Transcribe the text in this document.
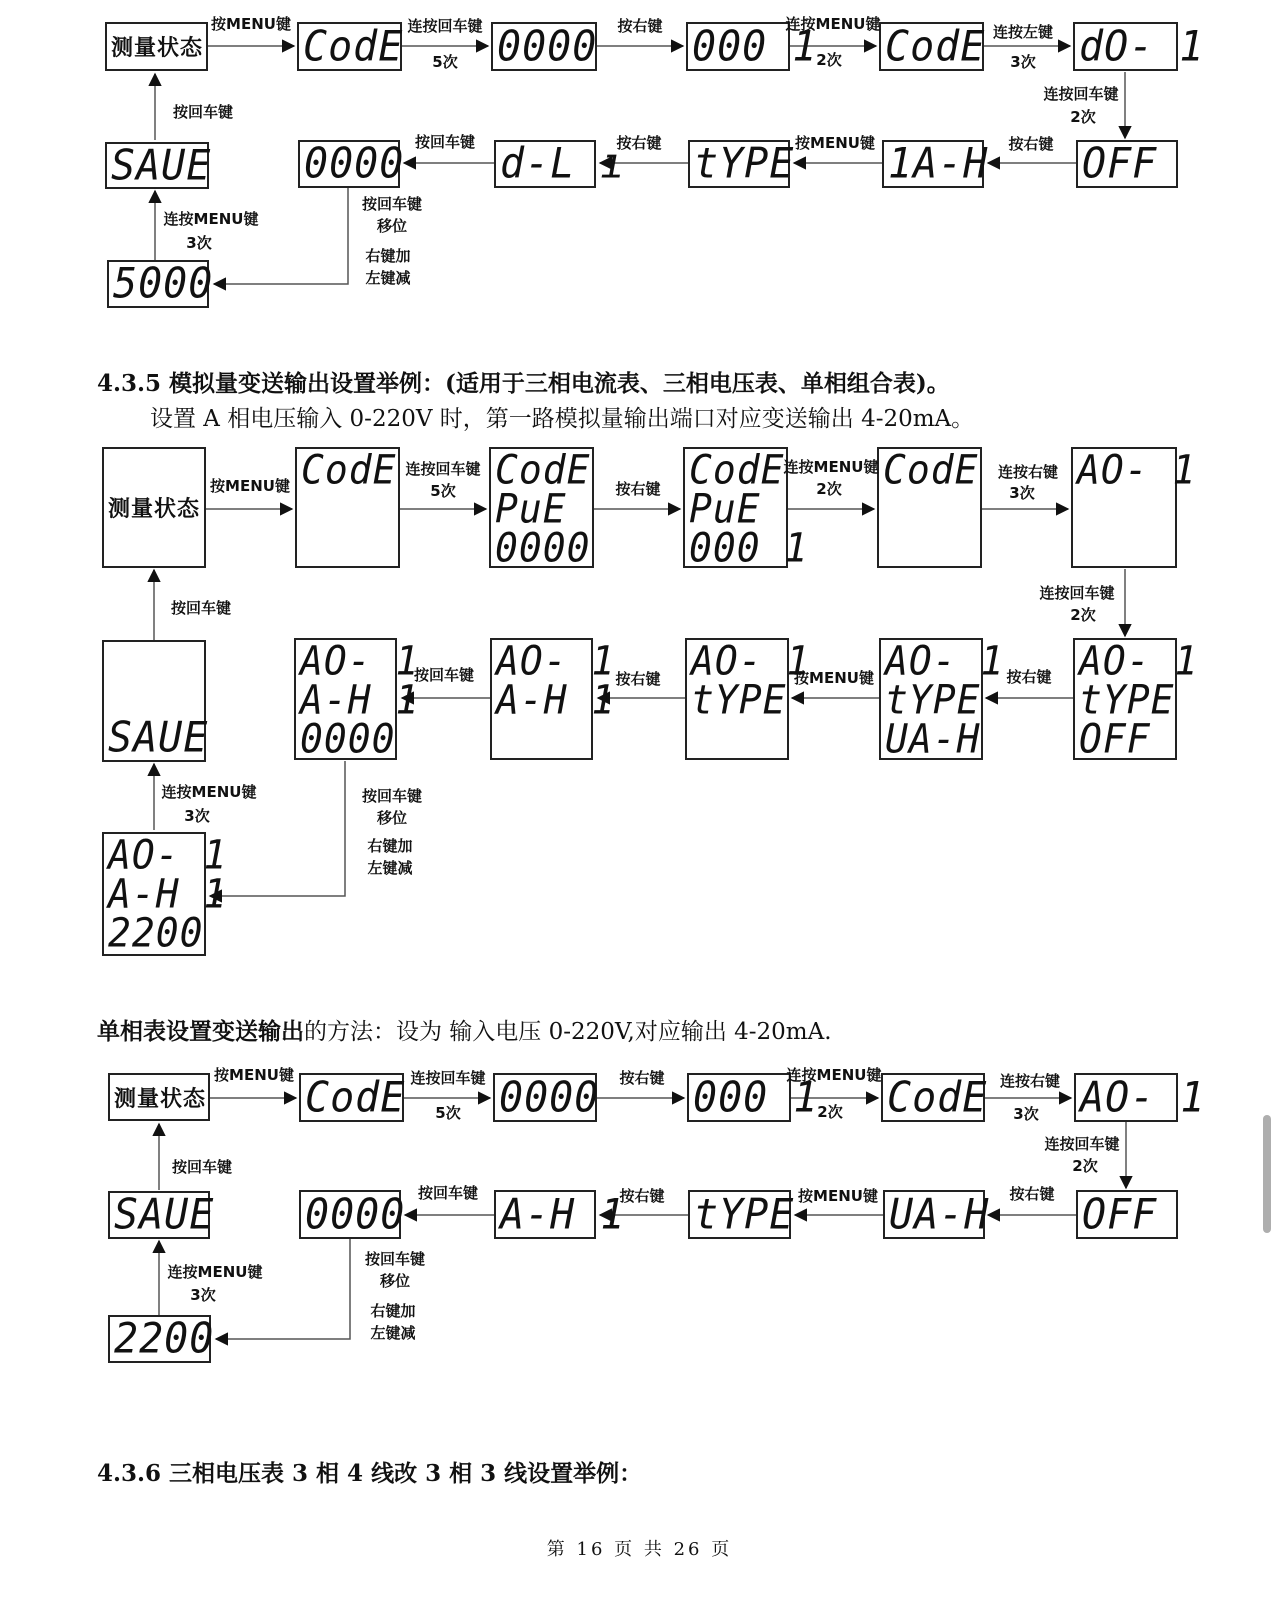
测量状态 CodE 0000 000 1 CodE dO- 1
OFF
1A-H
tYPE
d-L ı
0000
SAUE
5000
按MENU键	连按回车键
5次
按右键	连按MENU键
2次
连按左键
3次
连按回车键
2次
按右键
按MENU键
按右键
按回车键
按回车键
连按MENU键
3次
按回车键
移位
右键加
左键减
4.3.5 模拟量变送输出设置举例：(适用于三相电流表、三相电压表、单相组合表)。
设置 A 相电压输入 0-220V 时，第一路模拟量输出端口对应变送输出 4-20mA。
测量状态
CodE	CodE
PuE
0000
CodE
PuE
000 1
CodE	AO- 1
AO- 1
tYPE
OFF
AO- 1
tYPE
UA-H
AO- 1
tYPE
AO- 1
A-H 1
AO- 1
A-H 1
0000
SAUE
AO- 1
A-H 1
2200
按MENU键
连按回车键
5次	按右键
连按MENU键
2次
连按右键
3次
连按回车键
2次
按右键
按MENU键
按右键
按回车键
按回车键
连按MENU键
3次
按回车键
移位
右键加
左键减
单相表设置变送输出的方法：设为 输入电压 0-220V,对应输出 4-20mA.
测量状态 CodE 0000 000 1 CodE AO- 1
OFF
UA-H
tYPE
A-H 1
0000
SAUE
2200
按MENU键	连按回车键
5次
按右键	连按MENU键
2次
连按右键
3次
连按回车键
2次
按右键
按MENU键
按右键
按回车键
按回车键
连按MENU键
3次
按回车键
移位
右键加
左键减
4.3.6 三相电压表 3 相 4 线改 3 相 3 线设置举例：
第 16 页 共 26 页
